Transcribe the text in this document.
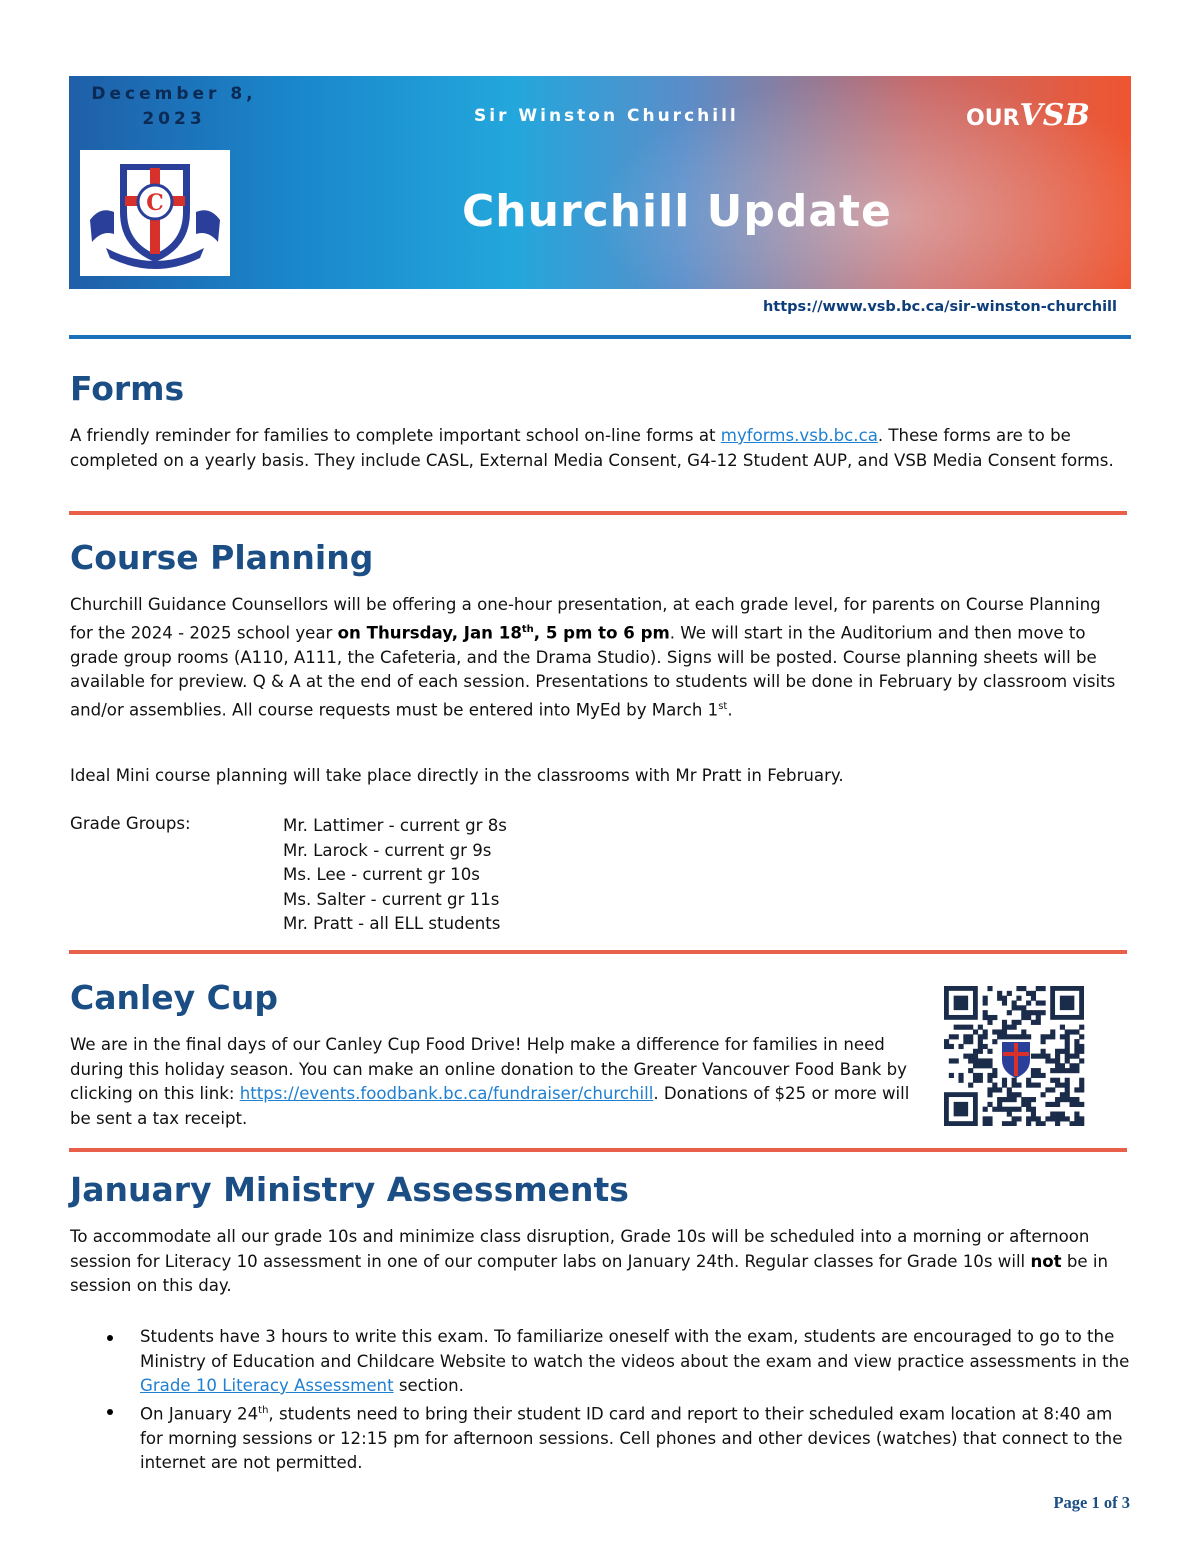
December 8, 2023	Sir Winston Churchill	OURVSB
Churchill Update
C
https://www.vsb.bc.ca/sir-winston-churchill
Forms

A friendly reminder for families to complete important school on-line forms at myforms.vsb.bc.ca. These forms are to be completed on a yearly basis. They include CASL, External Media Consent, G4-12 Student AUP, and VSB Media Consent forms.

Course Planning

Churchill Guidance Counsellors will be offering a one-hour presentation, at each grade level, for parents on Course Planning for the 2024 - 2025 school year on Thursday, Jan 18th, 5 pm to 6 pm. We will start in the Auditorium and then move to grade group rooms (A110, A111, the Cafeteria, and the Drama Studio). Signs will be posted. Course planning sheets will be available for preview. Q & A at the end of each session. Presentations to students will be done in February by classroom visits and/or assemblies. All course requests must be entered into MyEd by March 1st.

Ideal Mini course planning will take place directly in the classrooms with Mr Pratt in February.

Grade Groups:	Mr. Lattimer - current gr 8s
Mr. Larock - current gr 9s
Ms. Lee - current gr 10s
Ms. Salter - current gr 11s
Mr. Pratt - all ELL students
Canley Cup

We are in the final days of our Canley Cup Food Drive! Help make a difference for families in need during this holiday season. You can make an online donation to the Greater Vancouver Food Bank by clicking on this link: https://events.foodbank.bc.ca/fundraiser/churchill. Donations of $25 or more will be sent a tax receipt.

January Ministry Assessments

To accommodate all our grade 10s and minimize class disruption, Grade 10s will be scheduled into a morning or afternoon session for Literacy 10 assessment in one of our computer labs on January 24th. Regular classes for Grade 10s will not be in session on this day.

Students have 3 hours to write this exam. To familiarize oneself with the exam, students are encouraged to go to the Ministry of Education and Childcare Website to watch the videos about the exam and view practice assessments in the Grade 10 Literacy Assessment section.
On January 24th, students need to bring their student ID card and report to their scheduled exam location at 8:40 am for morning sessions or 12:15 pm for afternoon sessions. Cell phones and other devices (watches) that connect to the internet are not permitted.
Page 1 of 3
